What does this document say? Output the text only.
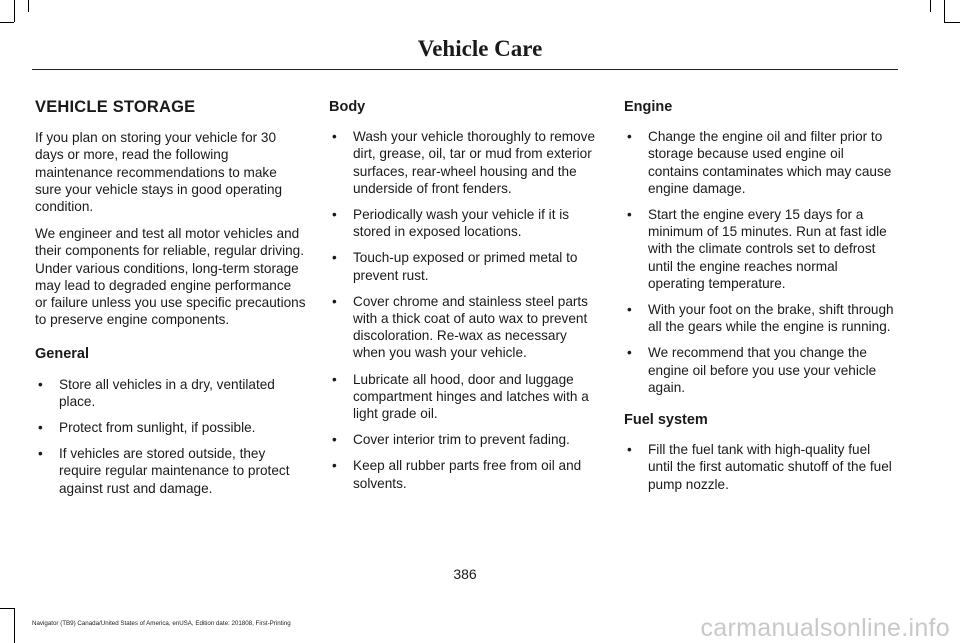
Vehicle Care
VEHICLE STORAGE

If you plan on storing your vehicle for 30 days or more, read the following maintenance recommendations to make sure your vehicle stays in good operating condition.

We engineer and test all motor vehicles and their components for reliable, regular driving. Under various conditions, long-term storage may lead to degraded engine performance or failure unless you use specific precautions to preserve engine components.

General
• Store all vehicles in a dry, ventilated place.
• Protect from sunlight, if possible.
• If vehicles are stored outside, they require regular maintenance to protect against rust and damage.
Body
• Wash your vehicle thoroughly to remove dirt, grease, oil, tar or mud from exterior surfaces, rear-wheel housing and the underside of front fenders.
• Periodically wash your vehicle if it is stored in exposed locations.
• Touch-up exposed or primed metal to prevent rust.
• Cover chrome and stainless steel parts with a thick coat of auto wax to prevent discoloration. Re-wax as necessary when you wash your vehicle.
• Lubricate all hood, door and luggage compartment hinges and latches with a light grade oil.
• Cover interior trim to prevent fading.
• Keep all rubber parts free from oil and solvents.
Engine
• Change the engine oil and filter prior to storage because used engine oil contains contaminates which may cause engine damage.
• Start the engine every 15 days for a minimum of 15 minutes. Run at fast idle with the climate controls set to defrost until the engine reaches normal operating temperature.
• With your foot on the brake, shift through all the gears while the engine is running.
• We recommend that you change the engine oil before you use your vehicle again.
Fuel system
• Fill the fuel tank with high-quality fuel until the first automatic shutoff of the fuel pump nozzle.
386
Navigator (TB9) Canada/United States of America, enUSA, Edition date: 201808, First-Printing	carmanualsonline.info
